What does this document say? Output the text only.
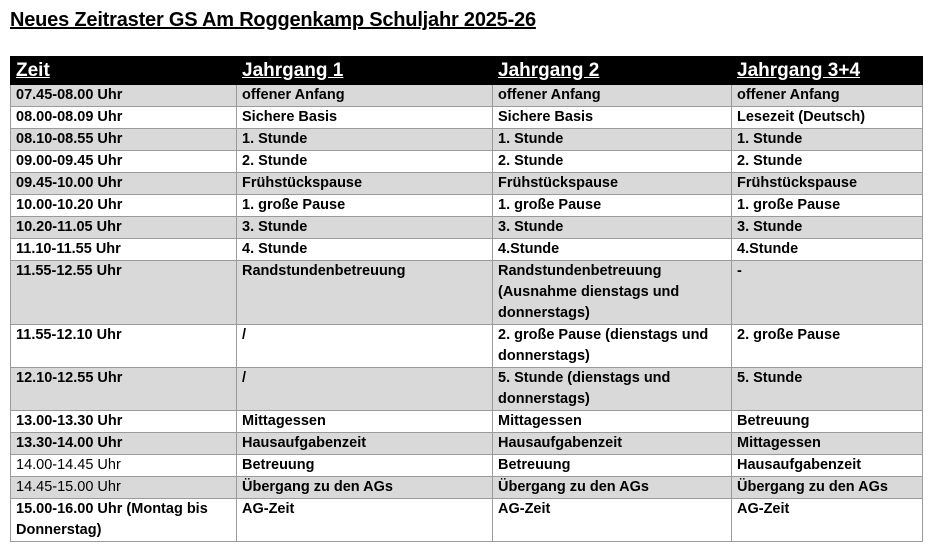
Neues Zeitraster GS Am Roggenkamp Schuljahr 2025-26
Zeit	Jahrgang 1	Jahrgang 2	Jahrgang 3+4
07.45-08.00 Uhr	offener Anfang	offener Anfang	offener Anfang
08.00-08.09 Uhr	Sichere Basis	Sichere Basis	Lesezeit (Deutsch)
08.10-08.55 Uhr	1. Stunde	1. Stunde	1. Stunde
09.00-09.45 Uhr	2. Stunde	2. Stunde	2. Stunde
09.45-10.00 Uhr	Frühstückspause	Frühstückspause	Frühstückspause
10.00-10.20 Uhr	1. große Pause	1. große Pause	1. große Pause
10.20-11.05 Uhr	3. Stunde	3. Stunde	3. Stunde
11.10-11.55 Uhr	4. Stunde	4.Stunde	4.Stunde
11.55-12.55 Uhr	Randstundenbetreuung	Randstundenbetreuung (Ausnahme dienstags und donnerstags)	-
11.55-12.10 Uhr	/	2. große Pause (dienstags und donnerstags)	2. große Pause
12.10-12.55 Uhr	/	5. Stunde (dienstags und donnerstags)	5. Stunde
13.00-13.30 Uhr	Mittagessen	Mittagessen	Betreuung
13.30-14.00 Uhr	Hausaufgabenzeit	Hausaufgabenzeit	Mittagessen
14.00-14.45 Uhr	Betreuung	Betreuung	Hausaufgabenzeit
14.45-15.00 Uhr	Übergang zu den AGs	Übergang zu den AGs	Übergang zu den AGs
15.00-16.00 Uhr (Montag bis Donnerstag)	AG-Zeit	AG-Zeit	AG-Zeit
